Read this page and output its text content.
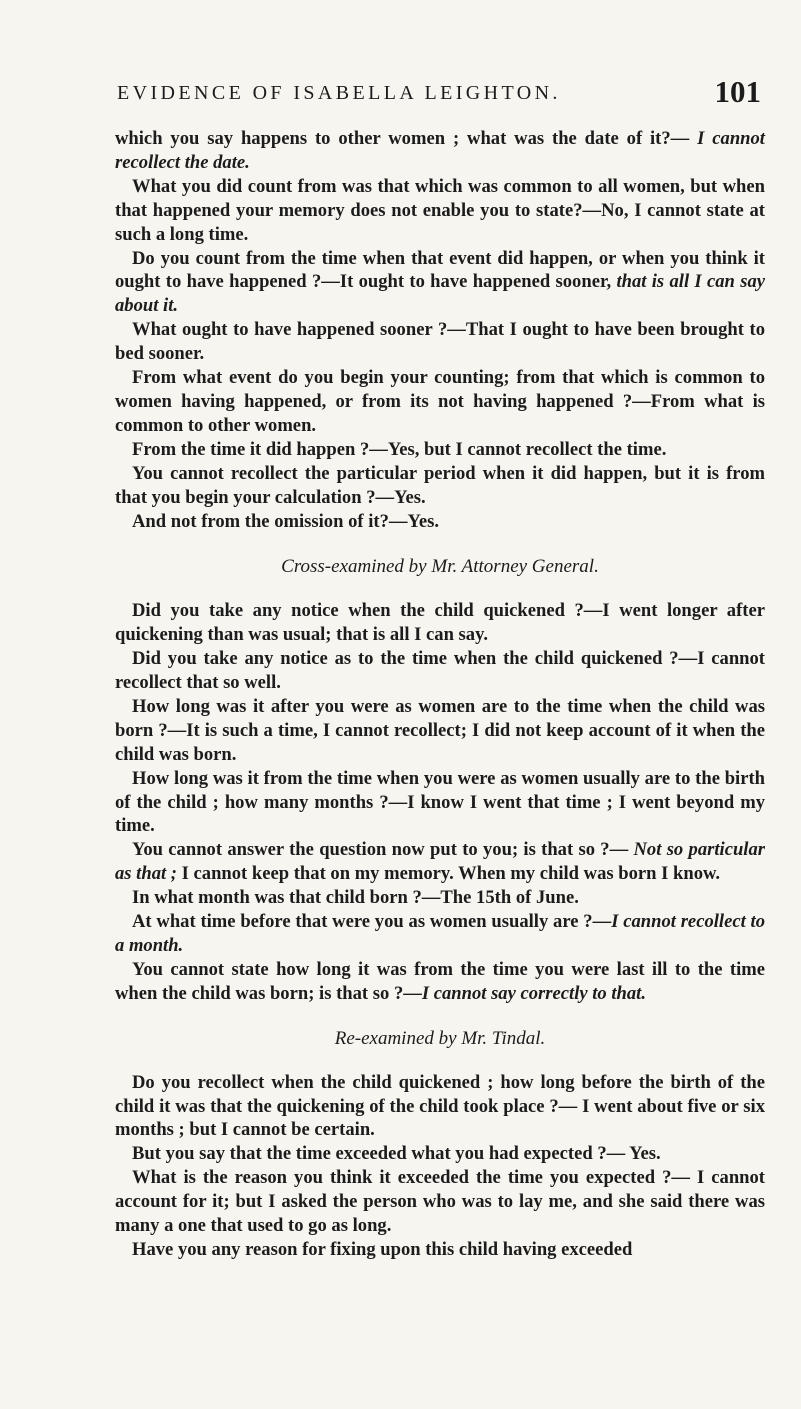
EVIDENCE OF ISABELLA LEIGHTON.	101

which you say happens to other women ; what was the date of it?— I cannot recollect the date.

What you did count from was that which was common to all women, but when that happened your memory does not enable you to state?—No, I cannot state at such a long time.

Do you count from the time when that event did happen, or when you think it ought to have happened ?—It ought to have happened sooner, that is all I can say about it.

What ought to have happened sooner ?—That I ought to have been brought to bed sooner.

From what event do you begin your counting; from that which is common to women having happened, or from its not having happened ?—From what is common to other women.

From the time it did happen ?—Yes, but I cannot recollect the time.

You cannot recollect the particular period when it did happen, but it is from that you begin your calculation ?—Yes.

And not from the omission of it?—Yes.

Cross-examined by Mr. Attorney General.

Did you take any notice when the child quickened ?—I went longer after quickening than was usual; that is all I can say.

Did you take any notice as to the time when the child quickened ?—I cannot recollect that so well.

How long was it after you were as women are to the time when the child was born ?—It is such a time, I cannot recollect; I did not keep account of it when the child was born.

How long was it from the time when you were as women usually are to the birth of the child ; how many months ?—I know I went that time ; I went beyond my time.

You cannot answer the question now put to you; is that so ?— Not so particular as that ; I cannot keep that on my memory. When my child was born I know.

In what month was that child born ?—The 15th of June.

At what time before that were you as women usually are ?—I cannot recollect to a month.

You cannot state how long it was from the time you were last ill to the time when the child was born; is that so ?—I cannot say correctly to that.

Re-examined by Mr. Tindal.

Do you recollect when the child quickened ; how long before the birth of the child it was that the quickening of the child took place ?— I went about five or six months ; but I cannot be certain.

But you say that the time exceeded what you had expected ?— Yes.

What is the reason you think it exceeded the time you expected ?— I cannot account for it; but I asked the person who was to lay me, and she said there was many a one that used to go as long.

Have you any reason for fixing upon this child having exceeded
